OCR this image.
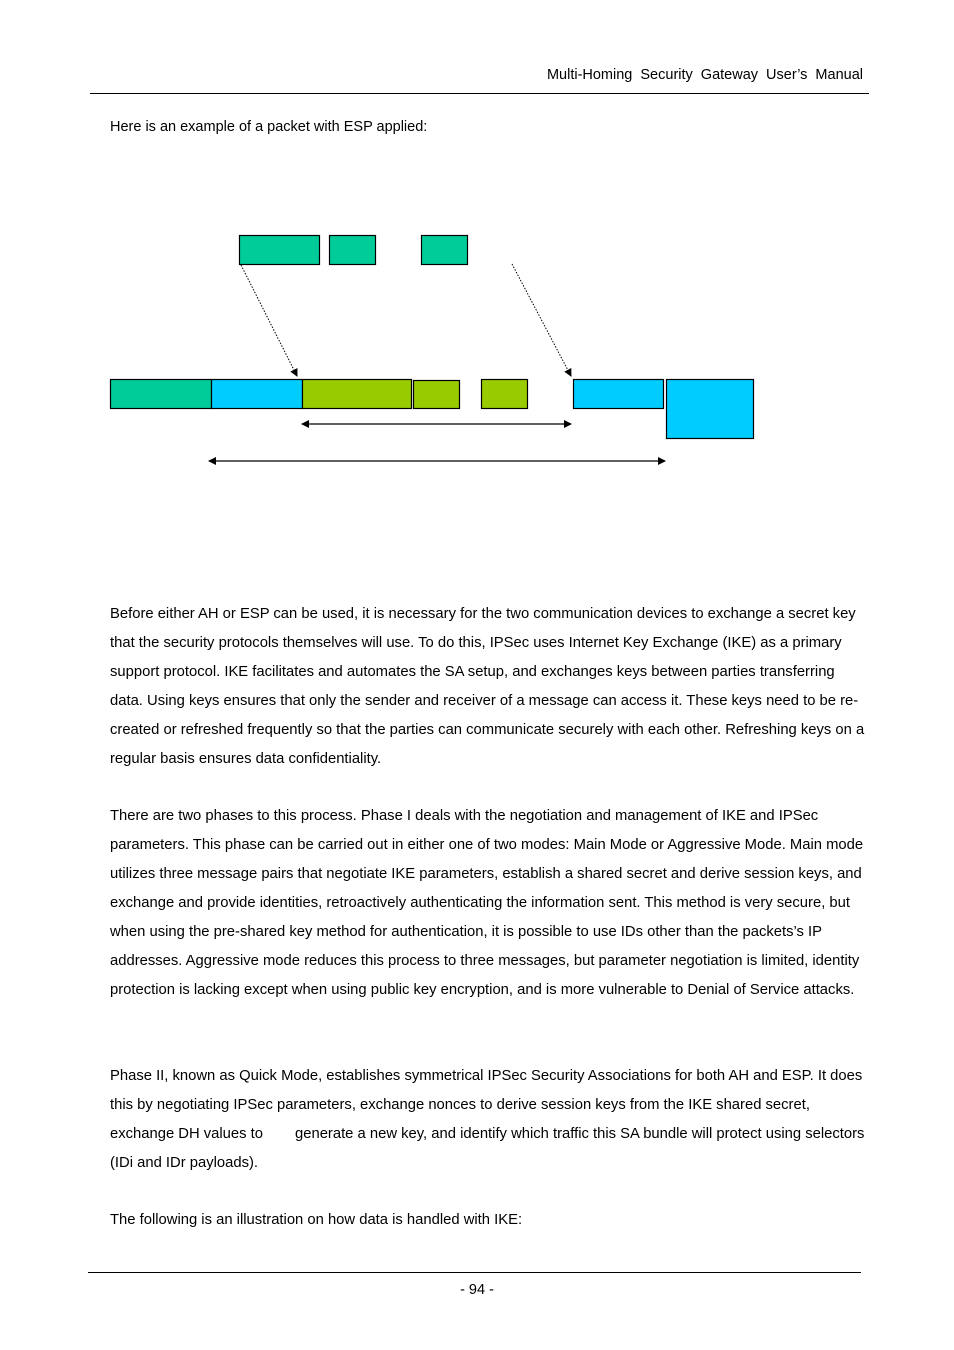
Multi-Homing Security Gateway User’s Manual
Here is an example of a packet with ESP applied:

Before either AH or ESP can be used, it is necessary for the two communication devices to exchange a secret key that the security protocols themselves will use. To do this, IPSec uses Internet Key Exchange (IKE) as a primary support protocol. IKE facilitates and automates the SA setup, and exchanges keys between parties transferring data. Using keys ensures that only the sender and receiver of a message can access it. These keys need to be re-created or refreshed frequently so that the parties can communicate securely with each other. Refreshing keys on a regular basis ensures data confidentiality.

There are two phases to this process. Phase I deals with the negotiation and management of IKE and IPSec parameters. This phase can be carried out in either one of two modes: Main Mode or Aggressive Mode. Main mode utilizes three message pairs that negotiate IKE parameters, establish a shared secret and derive session keys, and exchange and provide identities, retroactively authenticating the information sent. This method is very secure, but when using the pre-shared key method for authentication, it is possible to use IDs other than the packets’s IP addresses. Aggressive mode reduces this process to three messages, but parameter negotiation is limited, identity protection is lacking except when using public key encryption, and is more vulnerable to Denial of Service attacks.

Phase II, known as Quick Mode, establishes symmetrical IPSec Security Associations for both AH and ESP. It does this by negotiating IPSec parameters, exchange nonces to derive session keys from the IKE shared secret, exchange DH values to generate a new key, and identify which traffic this SA bundle will protect using selectors (IDi and IDr payloads).

The following is an illustration on how data is handled with IKE:

- 94 -
